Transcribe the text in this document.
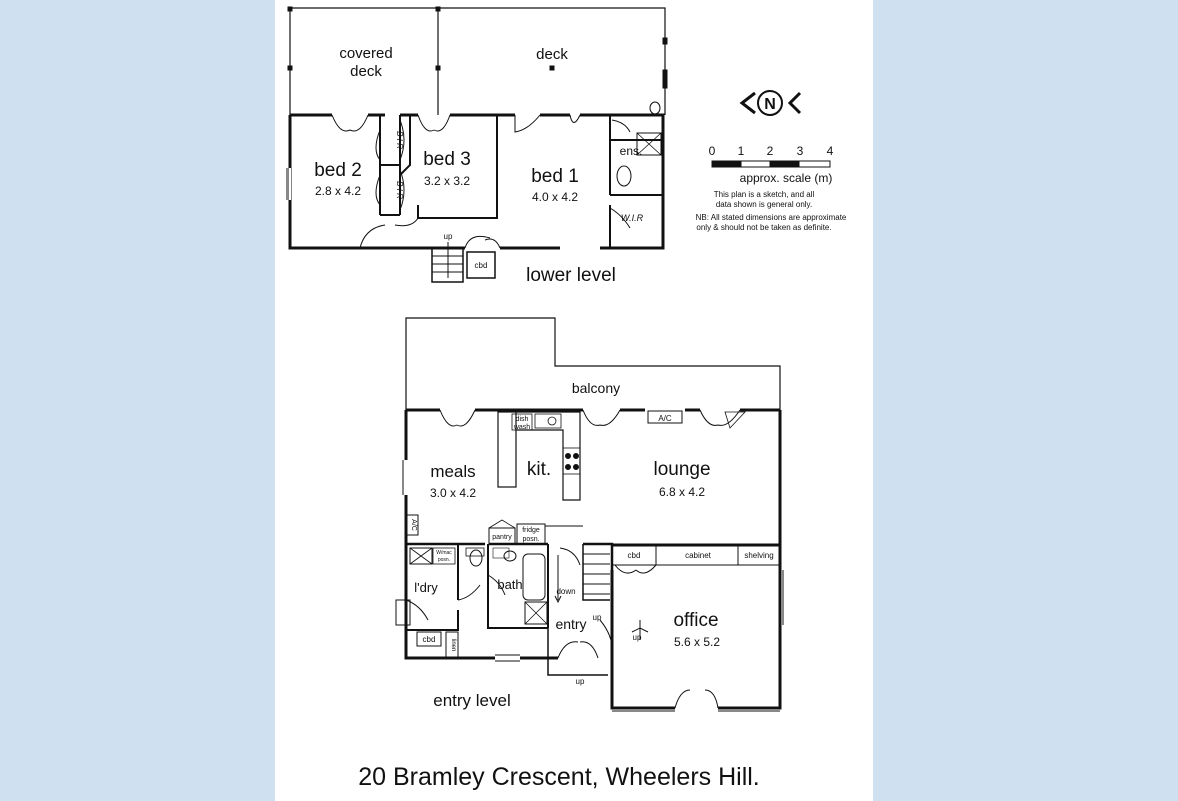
covered
deck
deck
bed 2
2.8 x 4.2
bed 3
3.2 x 3.2	bed 1
4.0 x 4.2
ens.
W.I.R
B I R
B I R
up
cbd lower level
balcony
meals
3.0 x 4.2
kit.	lounge
6.8 x 4.2
A/C
A/C
dish
wash
pantry
fridge
posn.
W/mac
posn.
l'dry	bath
cbd linen
down
entry up
up
up
cbd	cabinet	shelving
office
5.6 x 5.2
entry level
0 1 2 3 4
approx. scale (m)
This plan is a sketch, and all
data shown is general only.
NB: All stated dimensions are approximate
only & should not be taken as definite.
N
20 Bramley Crescent, Wheelers Hill.
